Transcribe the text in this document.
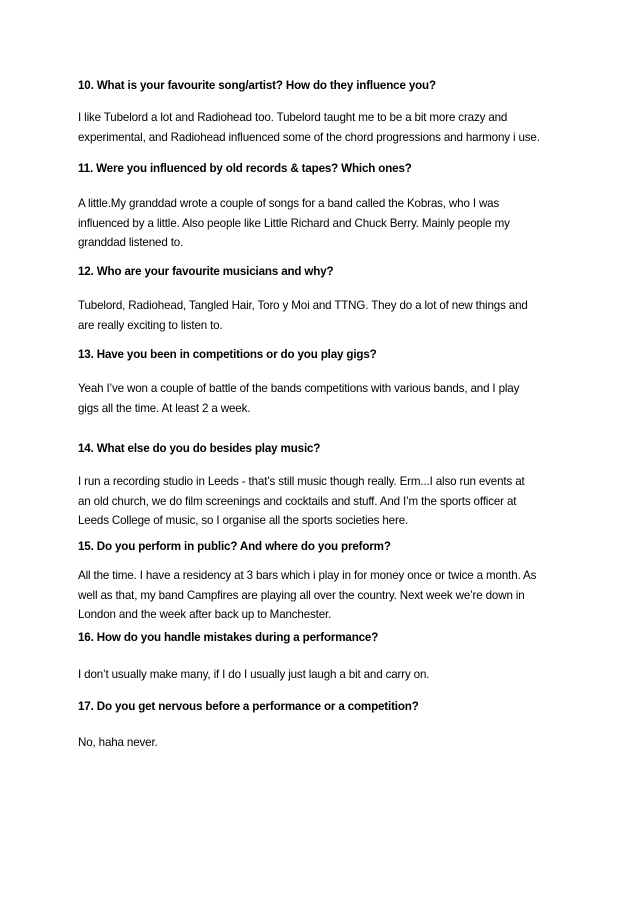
10. What is your favourite song/artist? How do they influence you?
I like Tubelord a lot and Radiohead too. Tubelord taught me to be a bit more crazy and
experimental, and Radiohead influenced some of the chord progressions and harmony i use.
11. Were you influenced by old records & tapes? Which ones?
A little.My granddad wrote a couple of songs for a band called the Kobras, who I was
influenced by a little. Also people like Little Richard and Chuck Berry. Mainly people my
granddad listened to.
12. Who are your favourite musicians and why?
Tubelord, Radiohead, Tangled Hair, Toro y Moi and TTNG. They do a lot of new things and
are really exciting to listen to.
13. Have you been in competitions or do you play gigs?
Yeah I’ve won a couple of battle of the bands competitions with various bands, and I play
gigs all the time. At least 2 a week.
14. What else do you do besides play music?
I run a recording studio in Leeds - that’s still music though really. Erm...I also run events at
an old church, we do film screenings and cocktails and stuff. And I’m the sports officer at
Leeds College of music, so I organise all the sports societies here.
15. Do you perform in public? And where do you preform?
All the time. I have a residency at 3 bars which i play in for money once or twice a month. As
well as that, my band Campfires are playing all over the country. Next week we’re down in
London and the week after back up to Manchester.
16. How do you handle mistakes during a performance?
I don’t usually make many, if I do I usually just laugh a bit and carry on.
17. Do you get nervous before a performance or a competition?
No, haha never.
